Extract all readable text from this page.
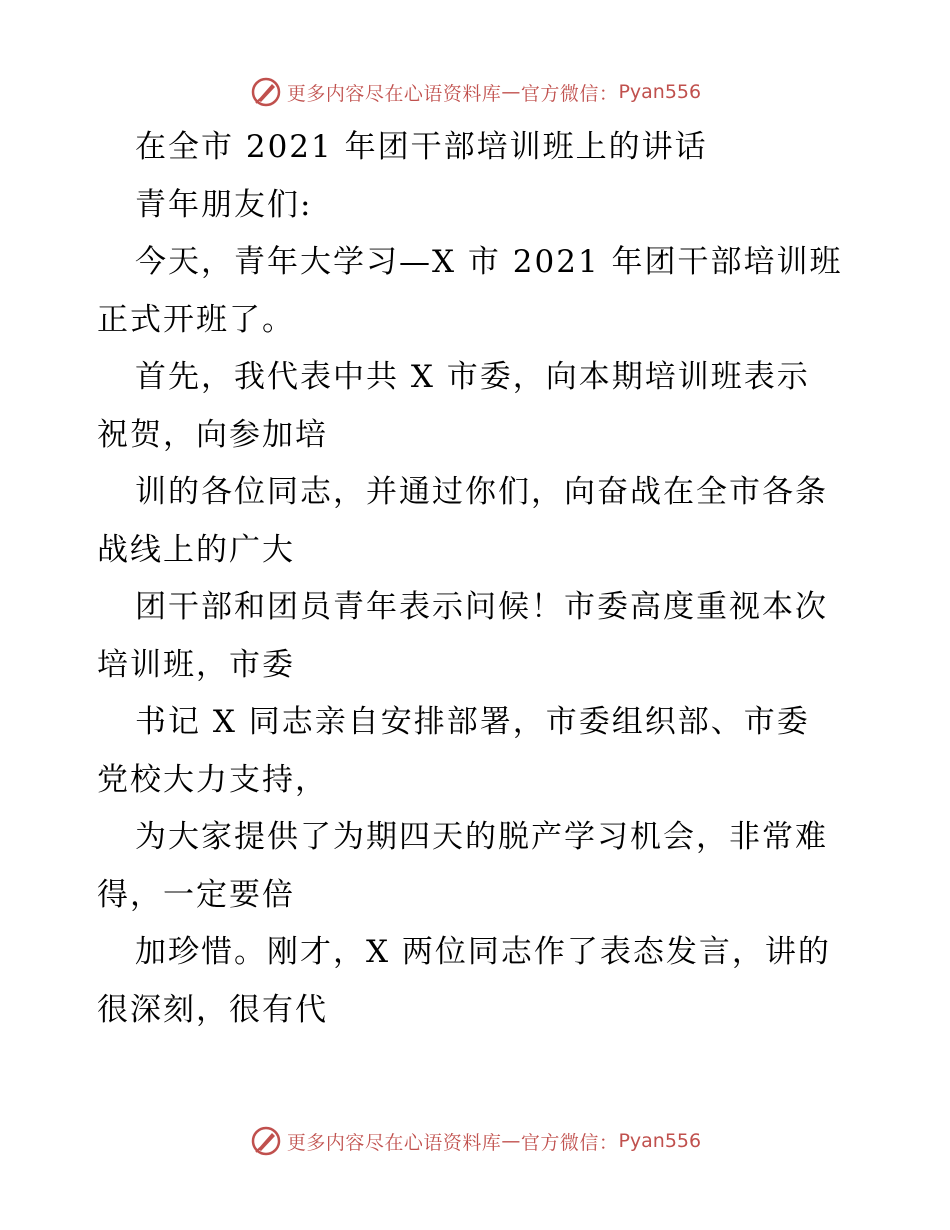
更多内容尽在心语资料库 — 官方微信： Pyan556
在全市 2021 年团干部培训班上的讲话
青年朋友们:
今天，青年大学习—X 市 2021 年团干部培训班
正式开班了。
首先，我代表中共 X 市委，向本期培训班表示
祝贺，向参加培
训的各位同志，并通过你们，向奋战在全市各条
战线上的广大
团干部和团员青年表示问候！市委高度重视本次
培训班，市委
书记 X 同志亲自安排部署，市委组织部、市委
党校大力支持，
为大家提供了为期四天的脱产学习机会，非常难
得，一定要倍
加珍惜。刚才，X 两位同志作了表态发言，讲的
很深刻，很有代
更多内容尽在心语资料库 — 官方微信： Pyan556
